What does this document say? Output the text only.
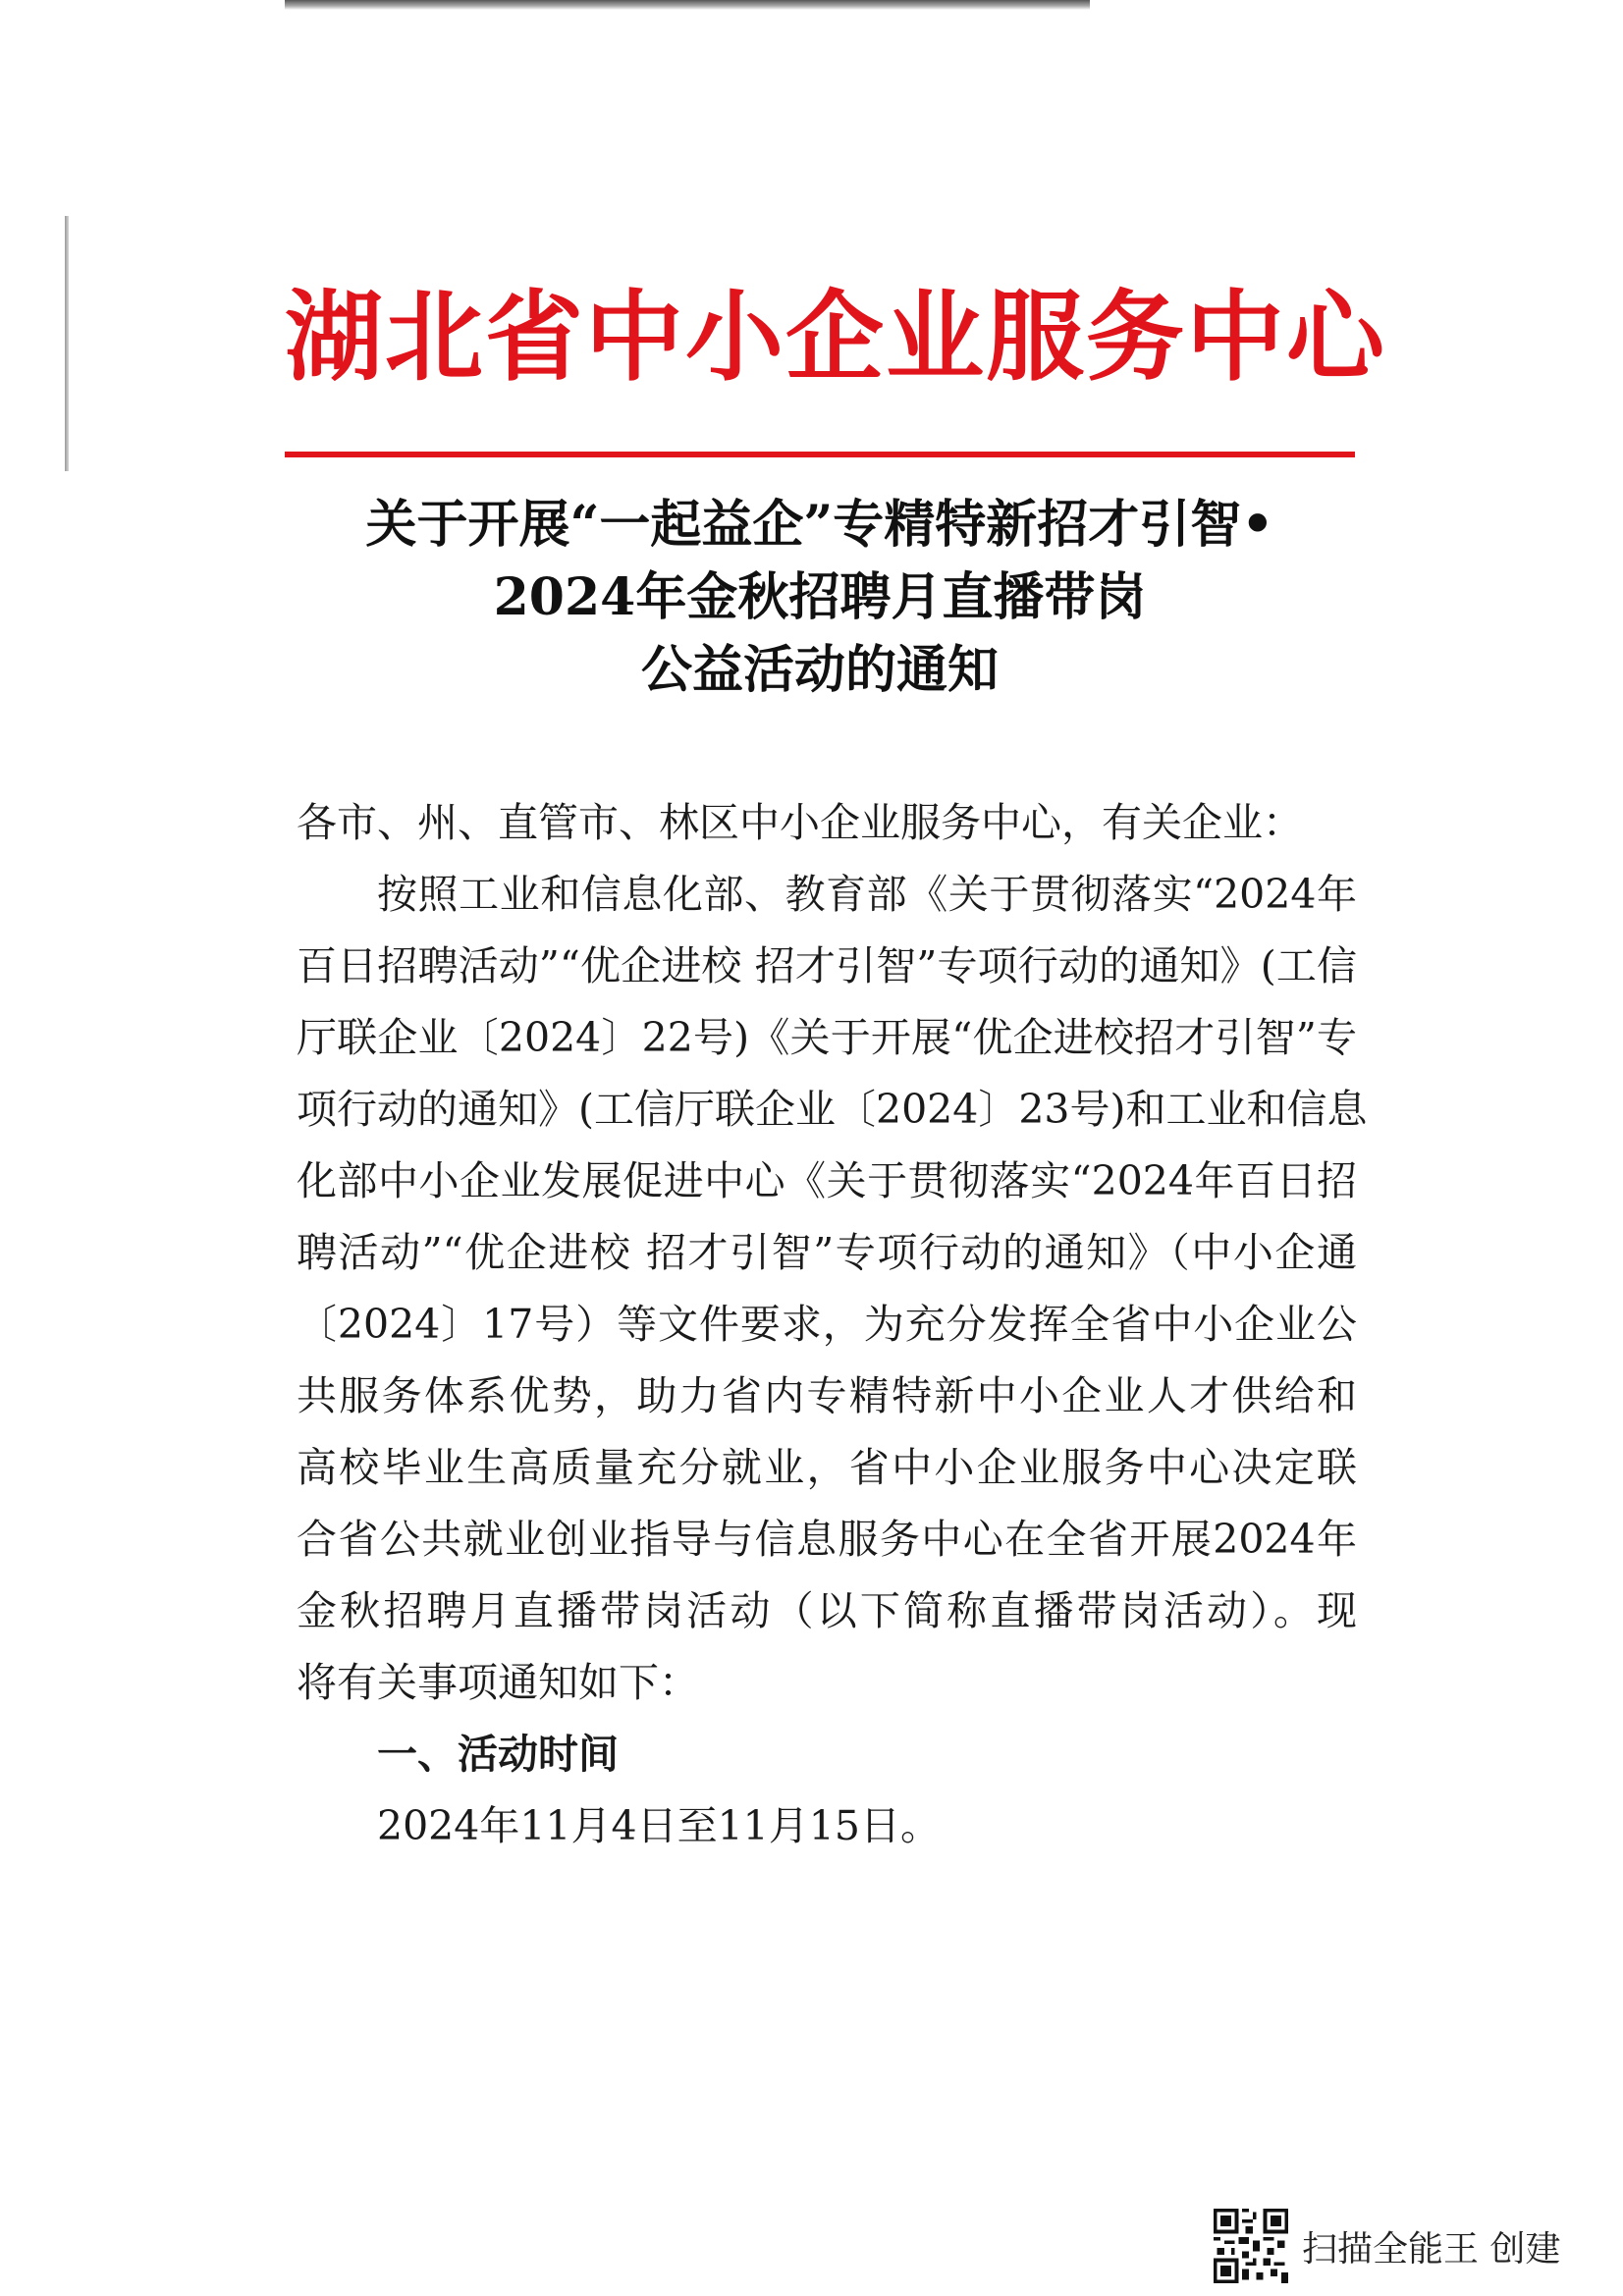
湖北省中小企业服务中心
关于开展“一起益企”专精特新招才引智•
2024年金秋招聘月直播带岗
公益活动的通知
各市、州、直管市、林区中小企业服务中心，有关企业：
按照工业和信息化部、教育部《关于贯彻落实“2024年
百日招聘活动”“优企进校 招才引智”专项行动的通知》(工信
厅联企业〔2024〕22号)《关于开展“优企进校招才引智”专
项行动的通知》(工信厅联企业〔2024〕23号)和工业和信息
化部中小企业发展促进中心《关于贯彻落实“2024年百日招
聘活动”“优企进校 招才引智”专项行动的通知》（中小企通
〔2024〕17号）等文件要求，为充分发挥全省中小企业公
共服务体系优势，助力省内专精特新中小企业人才供给和
高校毕业生高质量充分就业，省中小企业服务中心决定联
合省公共就业创业指导与信息服务中心在全省开展2024年
金秋招聘月直播带岗活动（以下简称直播带岗活动）。现
将有关事项通知如下：
一、活动时间
2024年11月4日至11月15日。
扫描全能王 创建
